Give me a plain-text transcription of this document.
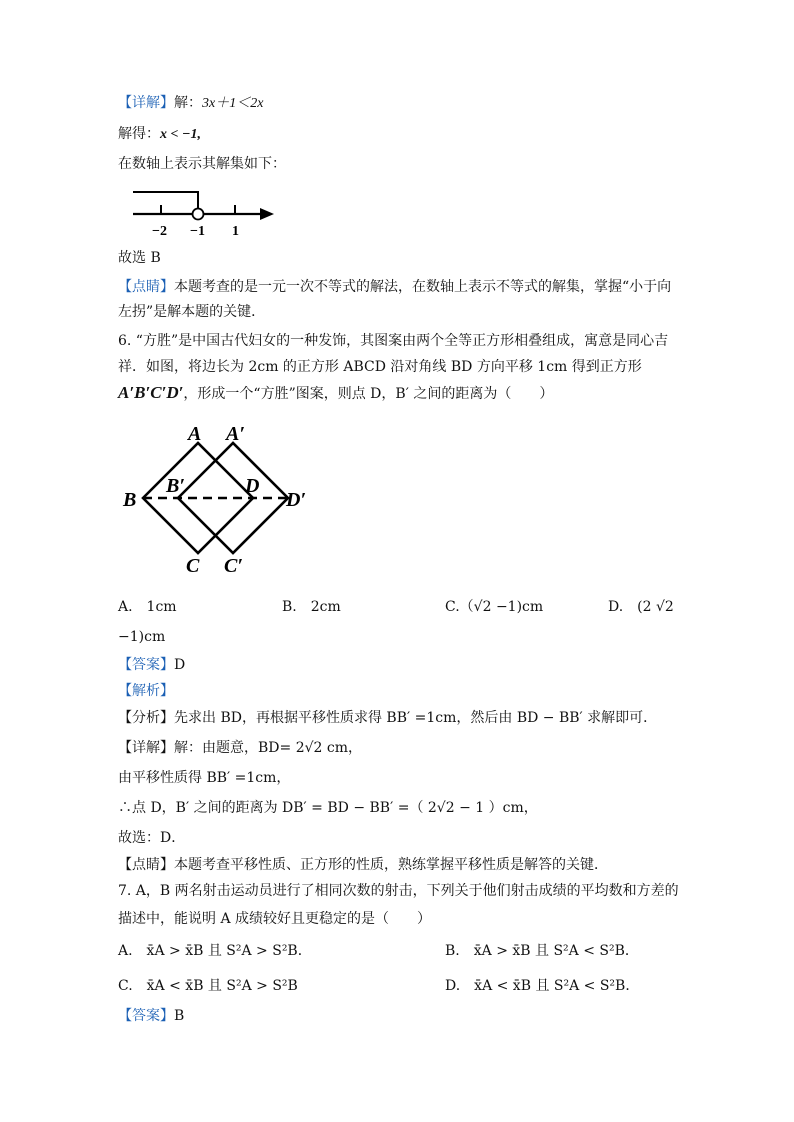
【详解】解：3x＋1＜2x
解得：x < −1,
在数轴上表示其解集如下：
−2 −1 1
故选 B
【点睛】本题考查的是一元一次不等式的解法，在数轴上表示不等式的解集，掌握“小于向
左拐”是解本题的关键．
6. “方胜”是中国古代妇女的一种发饰，其图案由两个全等正方形相叠组成，寓意是同心吉
祥．如图，将边长为 2cm 的正方形 ABCD 沿对角线 BD 方向平移 1cm 得到正方形
A′B′C′D′，形成一个“方胜”图案，则点 D，B′ 之间的距离为（　　）
A A′
B
B′	D
D′
C C′
A.　1cm	B.　2cm	C.（√2 −1)cm	D.　(2 √2
−1)cm
【答案】D
【解析】
【分析】先求出 BD，再根据平移性质求得 BB′ =1cm，然后由 BD − BB′ 求解即可．
【详解】解：由题意，BD= 2√2 cm，
由平移性质得 BB′ =1cm，
∴点 D，B′ 之间的距离为 DB′ = BD − BB′ =（ 2√2 − 1 ）cm，
故选：D．
【点睛】本题考查平移性质、正方形的性质，熟练掌握平移性质是解答的关键．
7. A，B 两名射击运动员进行了相同次数的射击，下列关于他们射击成绩的平均数和方差的
描述中，能说明 A 成绩较好且更稳定的是（　　）
A.　x̄A > x̄B 且 S²A > S²B．	B.　x̄A > x̄B 且 S²A < S²B．
C.　x̄A < x̄B 且 S²A > S²B	D.　x̄A < x̄B 且 S²A < S²B．
【答案】B
